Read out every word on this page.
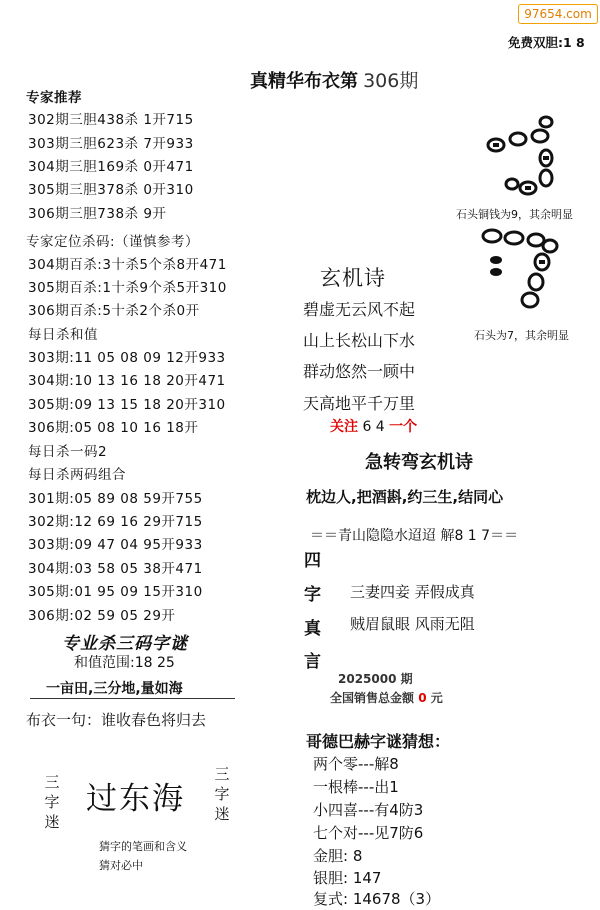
97654.com
免费双胆:1 8
真精华布衣第 306期
专家推荐
302期三胆438杀 1开715
303期三胆623杀 7开933
304期三胆169杀 0开471
305期三胆378杀 0开310
306期三胆738杀 9开
专家定位杀码:（谨慎参考）
304期百杀:3十杀5个杀8开471
305期百杀:1十杀9个杀5开310
306期百杀:5十杀2个杀0开
每日杀和值
303期:11 05 08 09 12开933
304期:10 13 16 18 20开471
305期:09 13 15 18 20开310
306期:05 08 10 16 18开
每日杀一码2
每日杀两码组合
301期:05 89 08 59开755
302期:12 69 16 29开715
303期:09 47 04 95开933
304期:03 58 05 38开471
305期:01 95 09 15开310
306期:02 59 05 29开
专业杀三码字谜
和值范围:18 25
一亩田,三分地,量如海
布衣一句：谁收春色将归去
三字迷
过东海
三字迷
猜字的笔画和含义
猜对必中
石头铜钱为9，其余明显
石头为7，其余明显
玄机诗
碧虚无云风不起
山上长松山下水
群动悠然一顾中
天高地平千万里
关注 6 4 一个
急转弯玄机诗
枕边人,把酒斟,约三生,结同心
＝＝青山隐隐水迢迢 解8 1 7＝＝
四
字
真
言
三妻四妾 弄假成真
贼眉鼠眼 风雨无阻
2025000 期
全国销售总金额 0 元
哥德巴赫字谜猜想：
两个零---解8
一根棒---出1
小四喜---有4防3
七个对---见7防6
金胆: 8
银胆: 147
复式: 14678（3）
